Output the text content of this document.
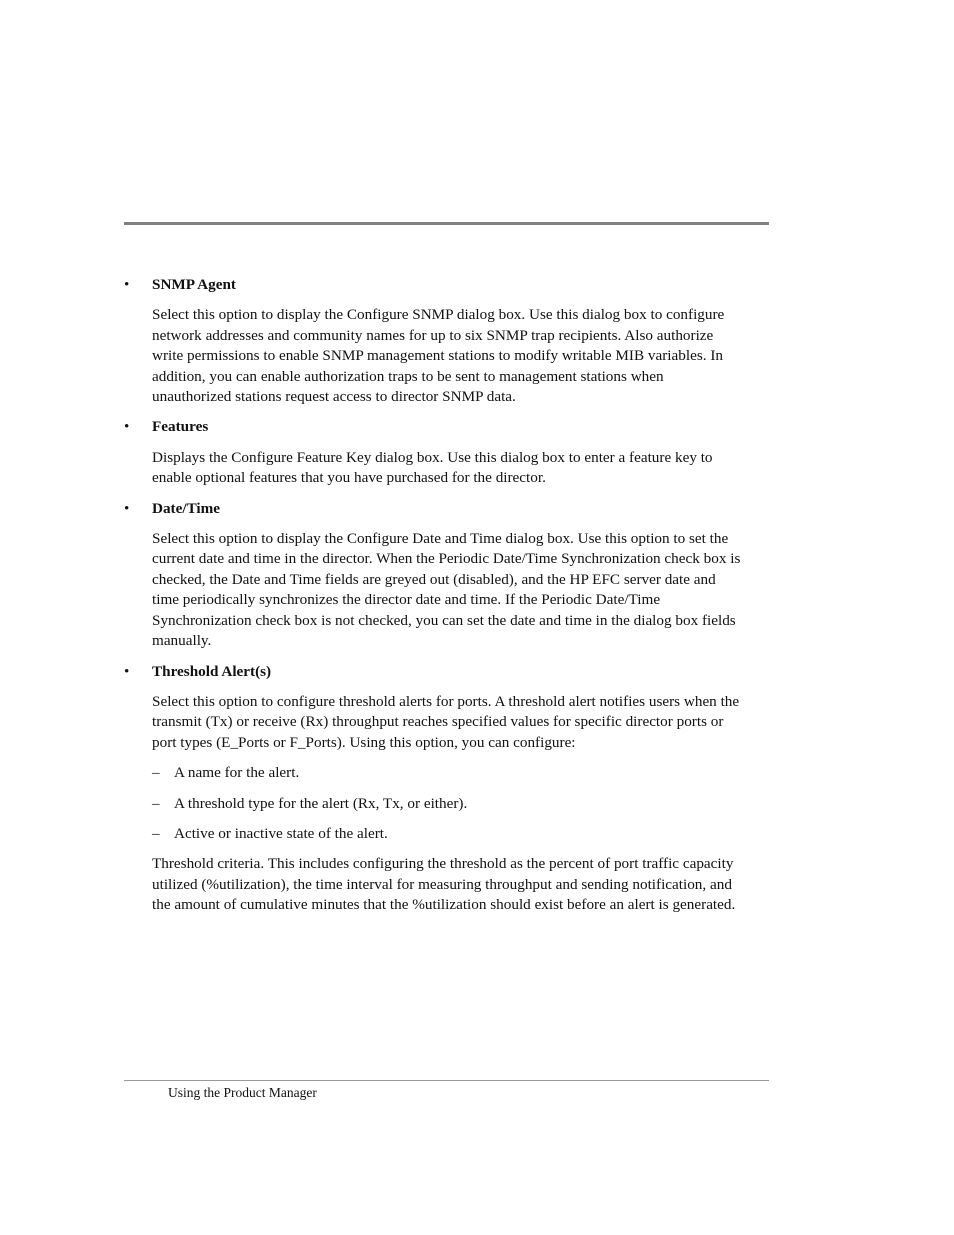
•	SNMP Agent

Select this option to display the Configure SNMP dialog box. Use this dialog box to configure network addresses and community names for up to six SNMP trap recipients. Also authorize write permissions to enable SNMP management stations to modify writable MIB variables. In addition, you can enable authorization traps to be sent to management stations when unauthorized stations request access to director SNMP data.

•	Features

Displays the Configure Feature Key dialog box. Use this dialog box to enter a feature key to enable optional features that you have purchased for the director.

•	Date/Time

Select this option to display the Configure Date and Time dialog box. Use this option to set the current date and time in the director. When the Periodic Date/Time Synchronization check box is checked, the Date and Time fields are greyed out (disabled), and the HP EFC server date and time periodically synchronizes the director date and time. If the Periodic Date/Time Synchronization check box is not checked, you can set the date and time in the dialog box fields manually.

•	Threshold Alert(s)

Select this option to configure threshold alerts for ports. A threshold alert notifies users when the transmit (Tx) or receive (Rx) throughput reaches specified values for specific director ports or port types (E_Ports or F_Ports). Using this option, you can configure:

– A name for the alert.
– A threshold type for the alert (Rx, Tx, or either).
– Active or inactive state of the alert.

Threshold criteria. This includes configuring the threshold as the percent of port traffic capacity utilized (%utilization), the time interval for measuring throughput and sending notification, and the amount of cumulative minutes that the %utilization should exist before an alert is generated.

Using the Product Manager
